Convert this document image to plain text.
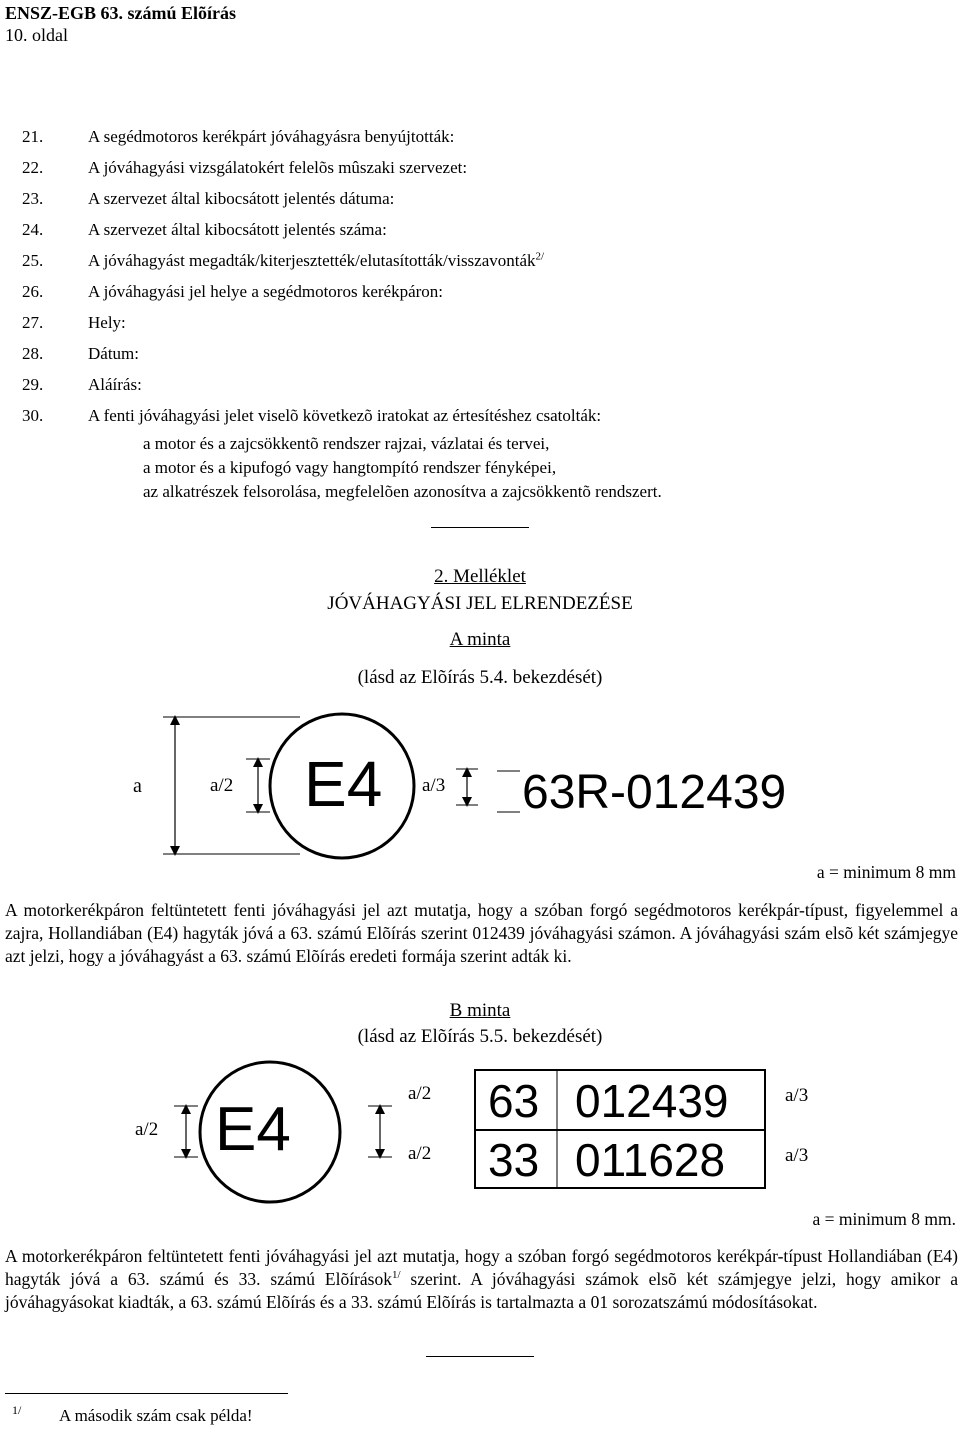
ENSZ-EGB 63. számú Elõírás
10. oldal
21.	A segédmotoros kerékpárt jóváhagyásra benyújtották:
22.	A jóváhagyási vizsgálatokért felelõs mûszaki szervezet:
23.	A szervezet által kibocsátott jelentés dátuma:
24.	A szervezet által kibocsátott jelentés száma:
25.	A jóváhagyást megadták/kiterjesztették/elutasították/visszavonták$^{2/}$
26.	A jóváhagyási jel helye a segédmotoros kerékpáron:
27.	Hely:
28.	Dátum:
29.	Aláírás:
30.	A fenti jóváhagyási jelet viselõ következõ iratokat az értesítéshez csatolták:
a motor és a zajcsökkentõ rendszer rajzai, vázlatai és tervei,
a motor és a kipufogó vagy hangtompító rendszer fényképei,
az alkatrészek felsorolása, megfelelõen azonosítva a zajcsökkentõ rendszert.
2. Melléklet
JÓVÁHAGYÁSI JEL ELRENDEZÉSE
A minta
(lásd az Elõírás 5.4. bekezdését)
a	a/2 E4 a/3 63R-012439
a = minimum 8 mm
A motorkerékpáron feltüntetett fenti jóváhagyási jel azt mutatja, hogy a szóban forgó segédmotoros kerékpár-típust, figyelemmel a zajra, Hollandiában (E4) hagyták jóvá a 63. számú Elõírás szerint 012439 jóváhagyási számon. A jóváhagyási szám elsõ két számjegye azt jelzi, hogy a jóváhagyást a 63. számú Elõírás eredeti formája szerint adták ki.
B minta
(lásd az Elõírás 5.5. bekezdését)
a/2 E4
a/2
a/2
63 012439
33 011628
a/3
a/3
a = minimum 8 mm.
A motorkerékpáron feltüntetett fenti jóváhagyási jel azt mutatja, hogy a szóban forgó segédmotoros kerékpár-típust Hollandiában (E4) hagyták jóvá a 63. számú és 33. számú Elõírások$^{1/}$ szerint. A jóváhagyási számok elsõ két számjegye jelzi, hogy amikor a jóváhagyásokat kiadták, a 63. számú Elõírás és a 33. számú Elõírás is tartalmazta a 01 sorozatszámú módosításokat.
1/ A második szám csak példa!
